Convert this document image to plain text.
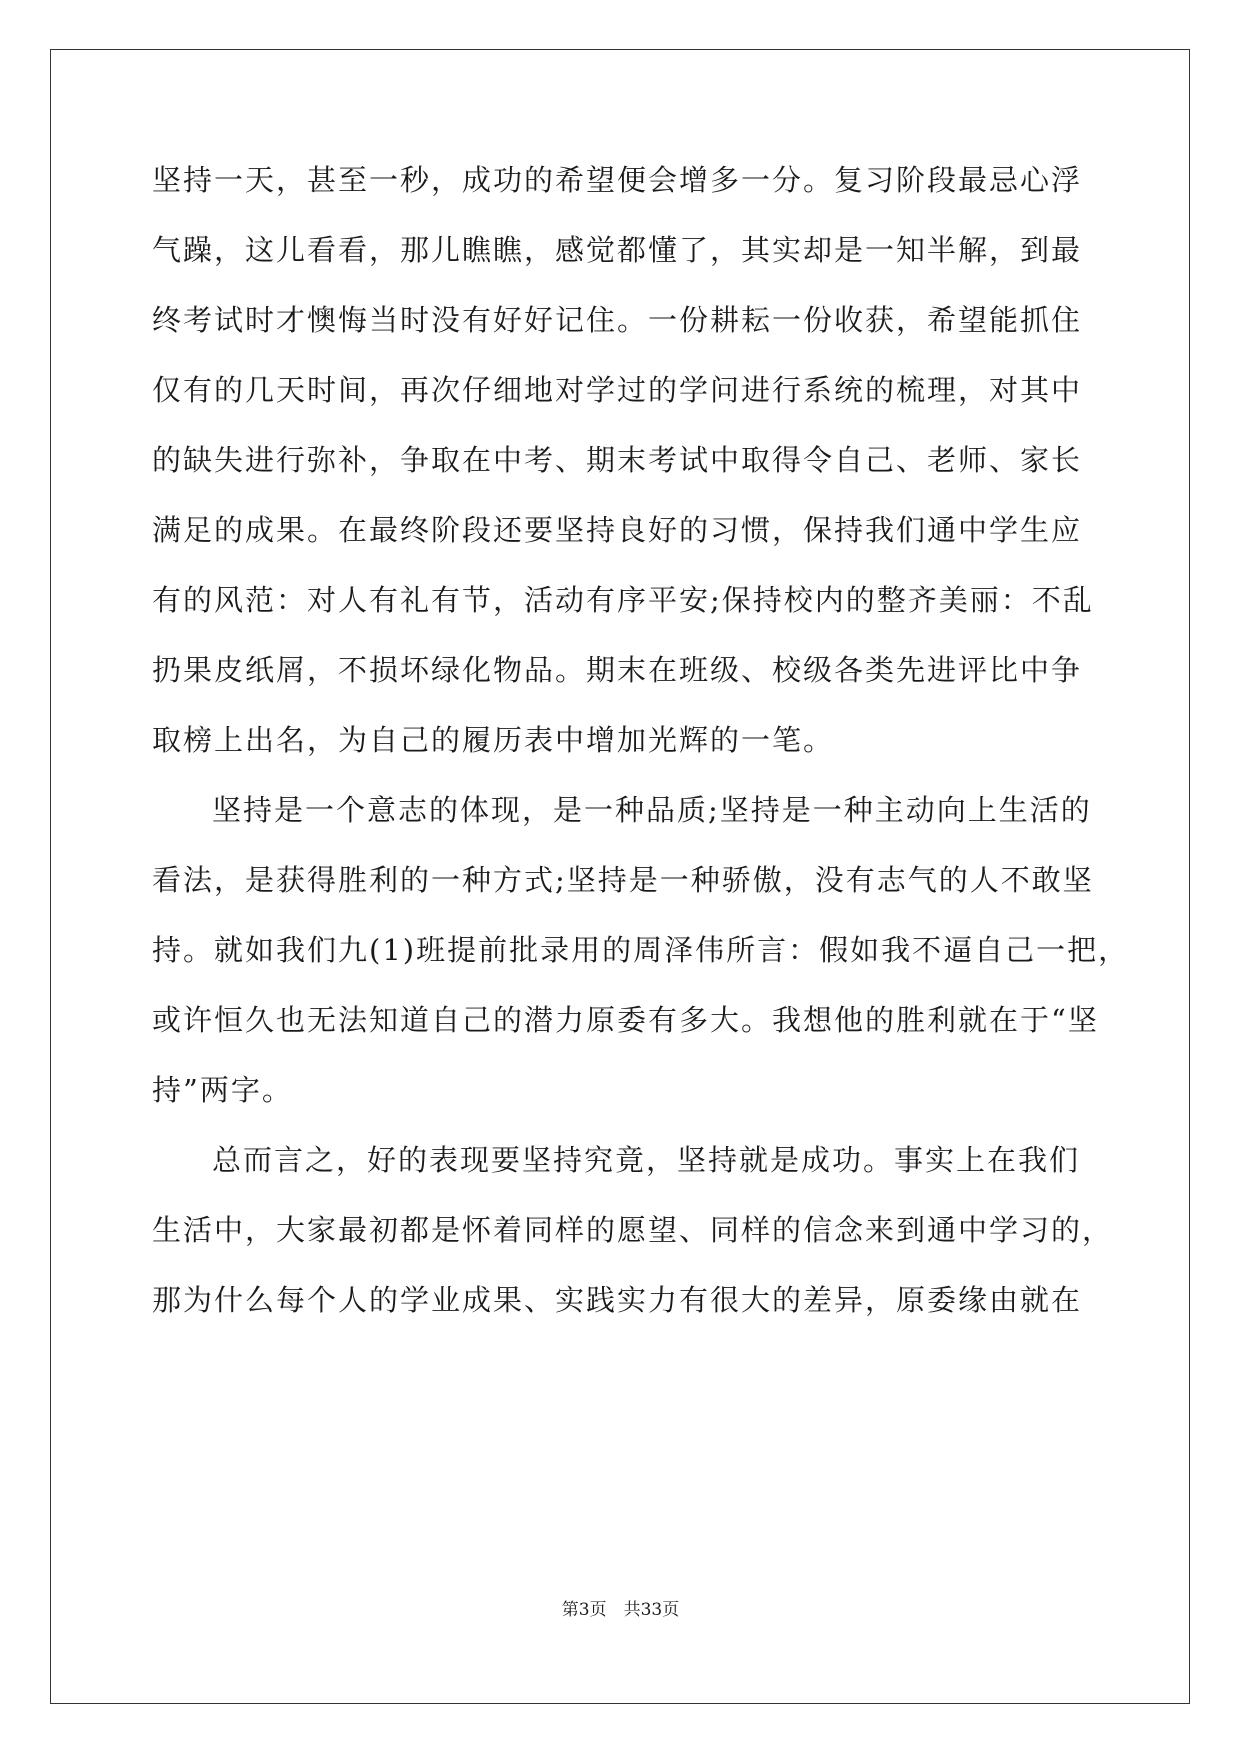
坚持一天，甚至一秒，成功的希望便会增多一分。复习阶段最忌心浮
气躁，这儿看看，那儿瞧瞧，感觉都懂了，其实却是一知半解，到最
终考试时才懊悔当时没有好好记住。一份耕耘一份收获，希望能抓住
仅有的几天时间，再次仔细地对学过的学问进行系统的梳理，对其中
的缺失进行弥补，争取在中考、期末考试中取得令自己、老师、家长
满足的成果。在最终阶段还要坚持良好的习惯，保持我们通中学生应
有的风范：对人有礼有节，活动有序平安;保持校内的整齐美丽：不乱
扔果皮纸屑，不损坏绿化物品。期末在班级、校级各类先进评比中争
取榜上出名，为自己的履历表中增加光辉的一笔。
坚持是一个意志的体现，是一种品质;坚持是一种主动向上生活的
看法，是获得胜利的一种方式;坚持是一种骄傲，没有志气的人不敢坚
持。就如我们九(1)班提前批录用的周泽伟所言：假如我不逼自己一把，
或许恒久也无法知道自己的潜力原委有多大。我想他的胜利就在于“坚
持”两字。
总而言之，好的表现要坚持究竟，坚持就是成功。事实上在我们
生活中，大家最初都是怀着同样的愿望、同样的信念来到通中学习的，
那为什么每个人的学业成果、实践实力有很大的差异，原委缘由就在
第3页　共33页
